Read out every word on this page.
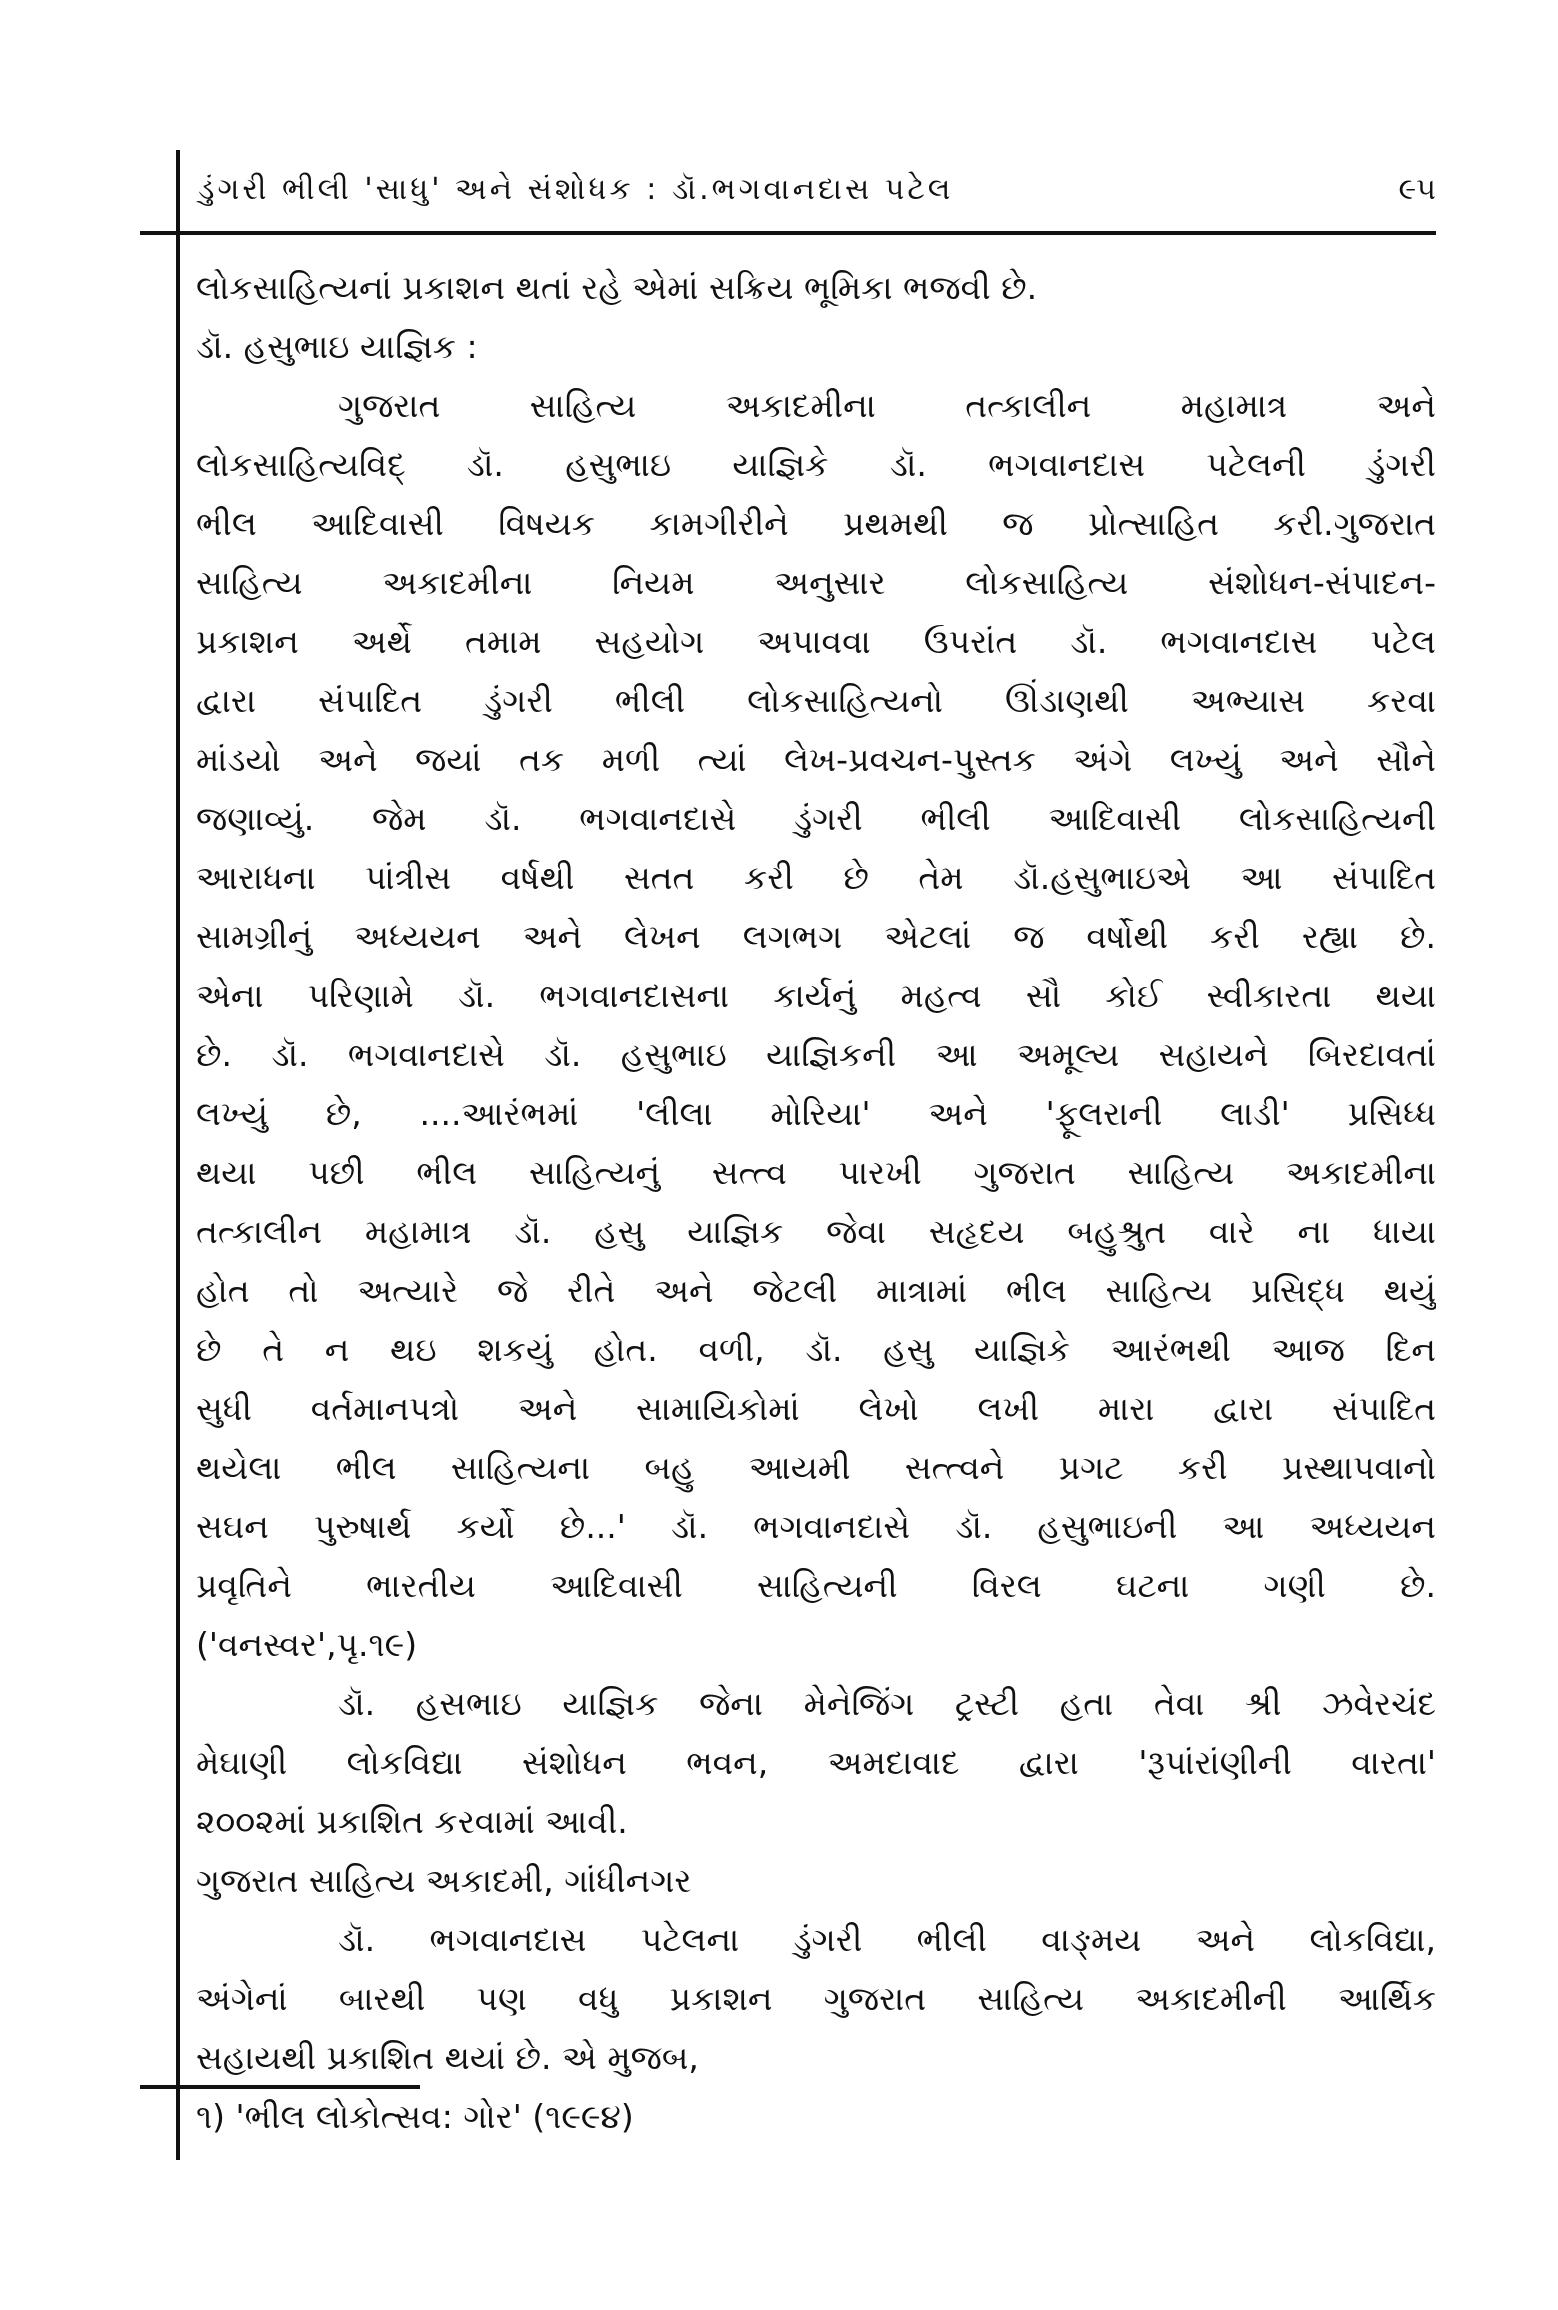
ડુંગરી ભીલી 'સાધુ' અને સંશોધક : ડૉ.ભગવાનદાસ પટેલ	૯૫
લોકસાહિત્યનાં પ્રકાશન થતાં રહે એમાં સક્રિય ભૂમિકા ભજવી છે.
ડૉ. હસુભાઇ યાજ્ઞિક :
ગુજરાત સાહિત્ય અકાદમીના તત્કાલીન મહામાત્ર અને
લોકસાહિત્યવિદ્ ડૉ. હસુભાઇ યાજ્ઞિકે ડૉ. ભગવાનદાસ પટેલની ડુંગરી
ભીલ આદિવાસી વિષયક કામગીરીને પ્રથમથી જ પ્રોત્સાહિત કરી.ગુજરાત
સાહિત્ય અકાદમીના નિયમ અનુસાર લોકસાહિત્ય સંશોધન-સંપાદન-
પ્રકાશન અર્થે તમામ સહયોગ અપાવવા ઉપરાંત ડૉ. ભગવાનદાસ પટેલ
દ્વારા સંપાદિત ડુંગરી ભીલી લોકસાહિત્યનો ઊંડાણથી અભ્યાસ કરવા
માંડયો અને જયાં તક મળી ત્યાં લેખ-પ્રવચન-પુસ્તક અંગે લખ્યું અને સૌને
જણાવ્યું. જેમ ડૉ. ભગવાનદાસે ડુંગરી ભીલી આદિવાસી લોકસાહિત્યની
આરાધના પાંત્રીસ વર્ષથી સતત કરી છે તેમ ડૉ.હસુભાઇએ આ સંપાદિત
સામગ્રીનું અધ્યયન અને લેખન લગભગ એટલાં જ વર્ષોથી કરી રહ્યા છે.
એના પરિણામે ડૉ. ભગવાનદાસના કાર્યનું મહત્વ સૌ કોઈ સ્વીકારતા થયા
છે. ડૉ. ભગવાનદાસે ડૉ. હસુભાઇ યાજ્ઞિકની આ અમૂલ્ય સહાયને બિરદાવતાં
લખ્યું છે, ....આરંભમાં 'લીલા મોરિયા' અને 'ફૂલરાની લાડી' પ્રસિધ્ધ
થયા પછી ભીલ સાહિત્યનું સત્ત્વ પારખી ગુજરાત સાહિત્ય અકાદમીના
તત્કાલીન મહામાત્ર ડૉ. હસુ યાજ્ઞિક જેવા સહૃદય બહુશ્રુત વારે ના ધાયા
હોત તો અત્યારે જે રીતે અને જેટલી માત્રામાં ભીલ સાહિત્ય પ્રસિદ્ધ થયું
છે તે ન થઇ શકયું હોત. વળી, ડૉ. હસુ યાજ્ઞિકે આરંભથી આજ દિન
સુધી વર્તમાનપત્રો અને સામાયિકોમાં લેખો લખી મારા દ્વારા સંપાદિત
થયેલા ભીલ સાહિત્યના બહુ આયમી સત્ત્વને પ્રગટ કરી પ્રસ્થાપવાનો
સઘન પુરુષાર્થ કર્યો છે...' ડૉ. ભગવાનદાસે ડૉ. હસુભાઇની આ અધ્યયન
પ્રવૃતિને ભારતીય આદિવાસી સાહિત્યની વિરલ ઘટના ગણી છે.
('વનસ્વર',પૃ.૧૯)
ડૉ. હસભાઇ યાજ્ઞિક જેના મેનેજિંગ ટ્રસ્ટી હતા તેવા શ્રી ઝવેરચંદ
મેઘાણી લોકવિદ્યા સંશોધન ભવન, અમદાવાદ દ્વારા 'રૂપાંરાંણીની વારતા'
૨૦૦૨માં પ્રકાશિત કરવામાં આવી.
ગુજરાત સાહિત્ય અકાદમી, ગાંધીનગર
ડૉ. ભગવાનદાસ પટેલના ડુંગરી ભીલી વાઙ્મય અને લોકવિદ્યા,
અંગેનાં બારથી પણ વધુ પ્રકાશન ગુજરાત સાહિત્ય અકાદમીની આર્થિક
સહાયથી પ્રકાશિત થયાં છે. એ મુજબ,
૧) 'ભીલ લોકોત્સવ: ગોર' (૧૯૯૪)
